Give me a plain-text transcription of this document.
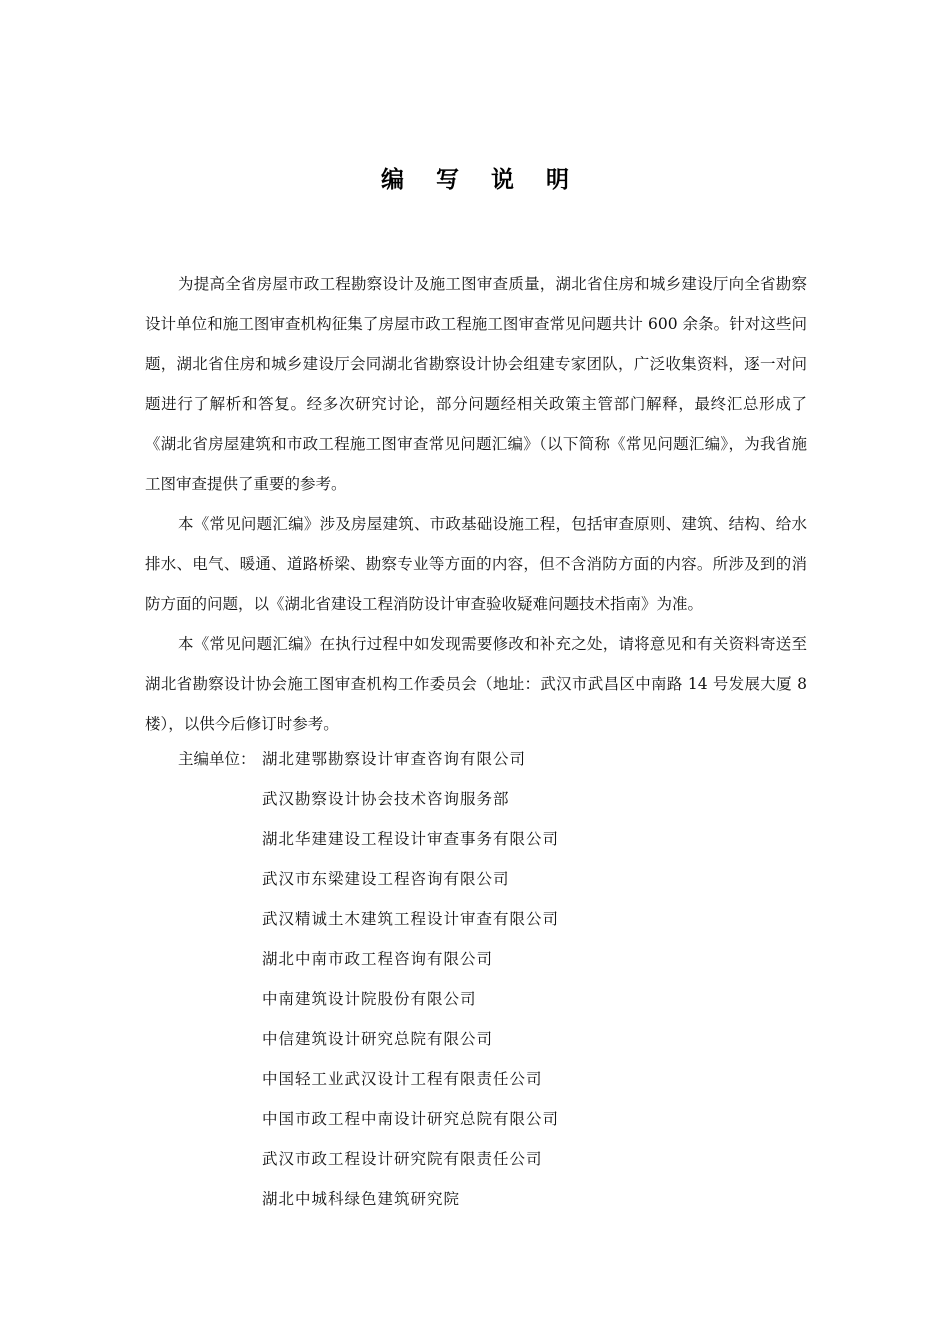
编 写 说 明

为提高全省房屋市政工程勘察设计及施工图审查质量，湖北省住房和城乡建设厅向全省勘察设计单位和施工图审查机构征集了房屋市政工程施工图审查常见问题共计 600 余条。针对这些问题，湖北省住房和城乡建设厅会同湖北省勘察设计协会组建专家团队，广泛收集资料，逐一对问题进行了解析和答复。经多次研究讨论，部分问题经相关政策主管部门解释，最终汇总形成了《湖北省房屋建筑和市政工程施工图审查常见问题汇编》（以下简称《常见问题汇编》，为我省施工图审查提供了重要的参考。

本《常见问题汇编》涉及房屋建筑、市政基础设施工程，包括审查原则、建筑、结构、给水排水、电气、暖通、道路桥梁、勘察专业等方面的内容，但不含消防方面的内容。所涉及到的消防方面的问题，以《湖北省建设工程消防设计审查验收疑难问题技术指南》为准。

本《常见问题汇编》在执行过程中如发现需要修改和补充之处，请将意见和有关资料寄送至湖北省勘察设计协会施工图审查机构工作委员会（地址：武汉市武昌区中南路 14 号发展大厦 8 楼），以供今后修订时参考。

主编单位： 湖北建鄂勘察设计审查咨询有限公司
武汉勘察设计协会技术咨询服务部
湖北华建建设工程设计审查事务有限公司
武汉市东梁建设工程咨询有限公司
武汉精诚土木建筑工程设计审查有限公司
湖北中南市政工程咨询有限公司
中南建筑设计院股份有限公司
中信建筑设计研究总院有限公司
中国轻工业武汉设计工程有限责任公司
中国市政工程中南设计研究总院有限公司
武汉市政工程设计研究院有限责任公司
湖北中城科绿色建筑研究院
